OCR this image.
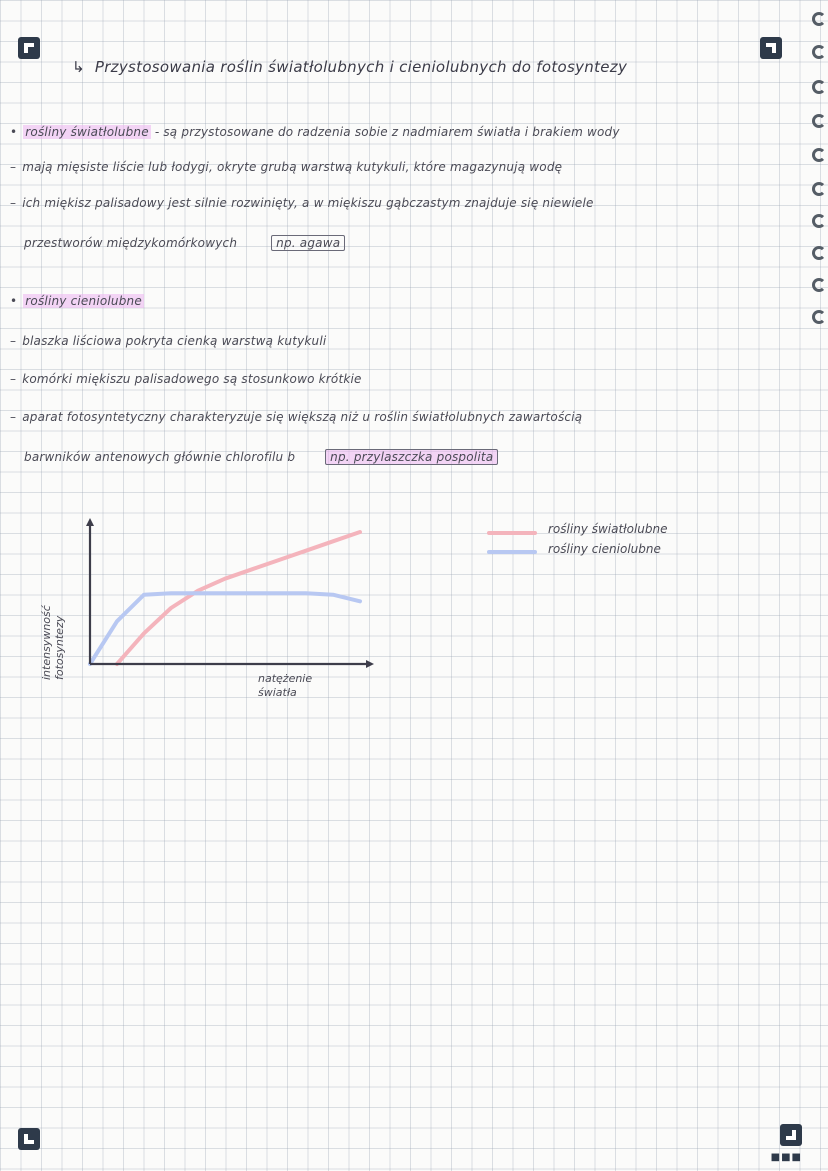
■■■
↳ Przystosowania roślin światłolubnych i cieniolubnych do fotosyntezy
• rośliny światłolubne - są przystosowane do radzenia sobie z nadmiarem światła i brakiem wody
– mają mięsiste liście lub łodygi, okryte grubą warstwą kutykuli, które magazynują wodę
– ich miękisz palisadowy jest silnie rozwinięty, a w miękiszu gąbczastym znajduje się niewiele
przestworów międzykomórkowych	np. agawa
• rośliny cieniolubne
– blaszka liściowa pokryta cienką warstwą kutykuli
– komórki miękiszu palisadowego są stosunkowo krótkie
– aparat fotosyntetyczny charakteryzuje się większą niż u roślin światłolubnych zawartością
barwników antenowych głównie chlorofilu b	np. przylaszczka pospolita
rośliny światłolubne
rośliny cieniolubne
natężenie światła
intensywność fotosyntezy
